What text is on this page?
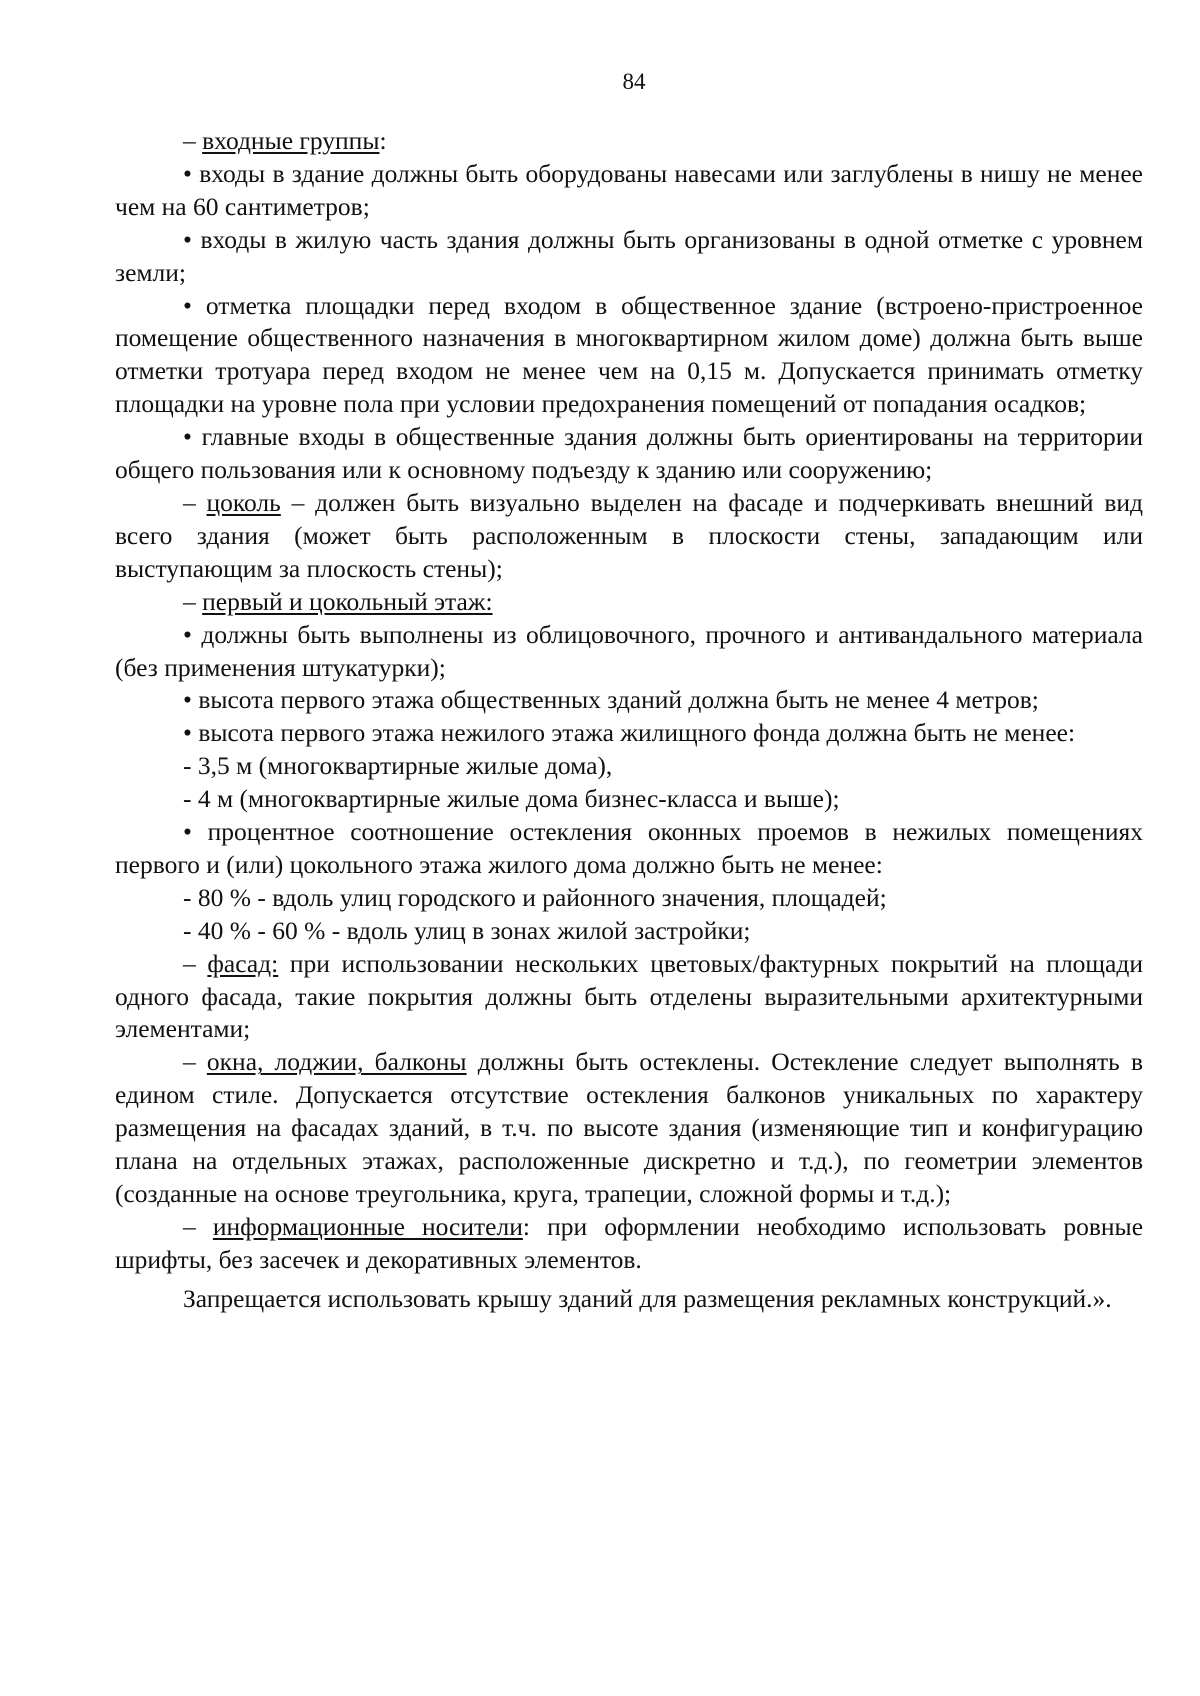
84

– входные группы:

• входы в здание должны быть оборудованы навесами или заглублены в нишу не менее чем на 60 сантиметров;

• входы в жилую часть здания должны быть организованы в одной отметке с уровнем земли;

• отметка площадки перед входом в общественное здание (встроено-пристроенное помещение общественного назначения в многоквартирном жилом доме) должна быть выше отметки тротуара перед входом не менее чем на 0,15 м. Допускается принимать отметку площадки на уровне пола при условии предохранения помещений от попадания осадков;

• главные входы в общественные здания должны быть ориентированы на территории общего пользования или к основному подъезду к зданию или сооружению;

– цоколь – должен быть визуально выделен на фасаде и подчеркивать внешний вид всего здания (может быть расположенным в плоскости стены, западающим или выступающим за плоскость стены);

– первый и цокольный этаж:

• должны быть выполнены из облицовочного, прочного и антивандального материала (без применения штукатурки);

• высота первого этажа общественных зданий должна быть не менее 4 метров;

• высота первого этажа нежилого этажа жилищного фонда должна быть не менее:

- 3,5 м (многоквартирные жилые дома),

- 4 м (многоквартирные жилые дома бизнес-класса и выше);

• процентное соотношение остекления оконных проемов в нежилых помещениях первого и (или) цокольного этажа жилого дома должно быть не менее:

- 80 % - вдоль улиц городского и районного значения, площадей;

- 40 % - 60 % - вдоль улиц в зонах жилой застройки;

– фасад: при использовании нескольких цветовых/фактурных покрытий на площади одного фасада, такие покрытия должны быть отделены выразительными архитектурными элементами;

– окна, лоджии, балконы должны быть остеклены. Остекление следует выполнять в едином стиле. Допускается отсутствие остекления балконов уникальных по характеру размещения на фасадах зданий, в т.ч. по высоте здания (изменяющие тип и конфигурацию плана на отдельных этажах, расположенные дискретно и т.д.), по геометрии элементов (созданные на основе треугольника, круга, трапеции, сложной формы и т.д.);

– информационные носители: при оформлении необходимо использовать ровные шрифты, без засечек и декоративных элементов.

Запрещается использовать крышу зданий для размещения рекламных конструкций.».
